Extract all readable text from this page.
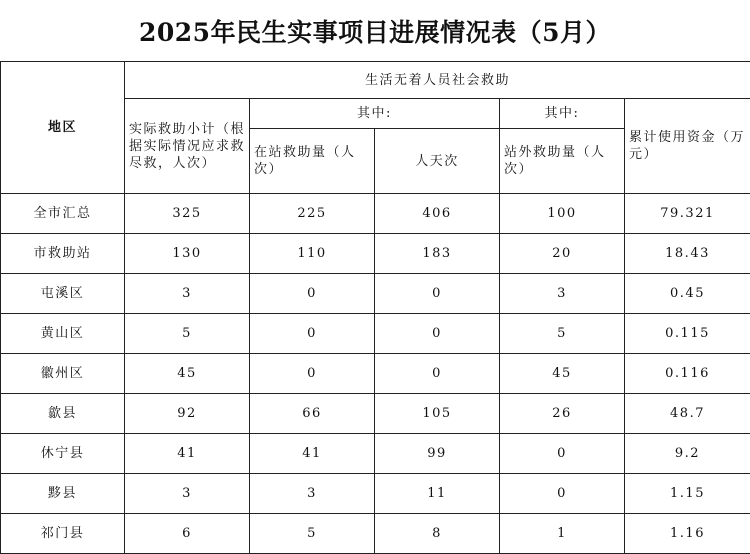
2025年民生实事项目进展情况表（5月）
地区	生活无着人员社会救助				
	实际救助小计（根据实际情况应求救尽救，人次）	其中:		其中:	累计使用资金（万元）
		在站救助量（人次）	人天次	站外救助量（人次）	
全市汇总	325	225	406	100	79.321
市救助站	130	110	183	20	18.43
屯溪区	3	0	0	3	0.45
黄山区	5	0	0	5	0.115
徽州区	45	0	0	45	0.116
歙县	92	66	105	26	48.7
休宁县	41	41	99	0	9.2
黟县	3	3	11	0	1.15
祁门县	6	5	8	1	1.16
